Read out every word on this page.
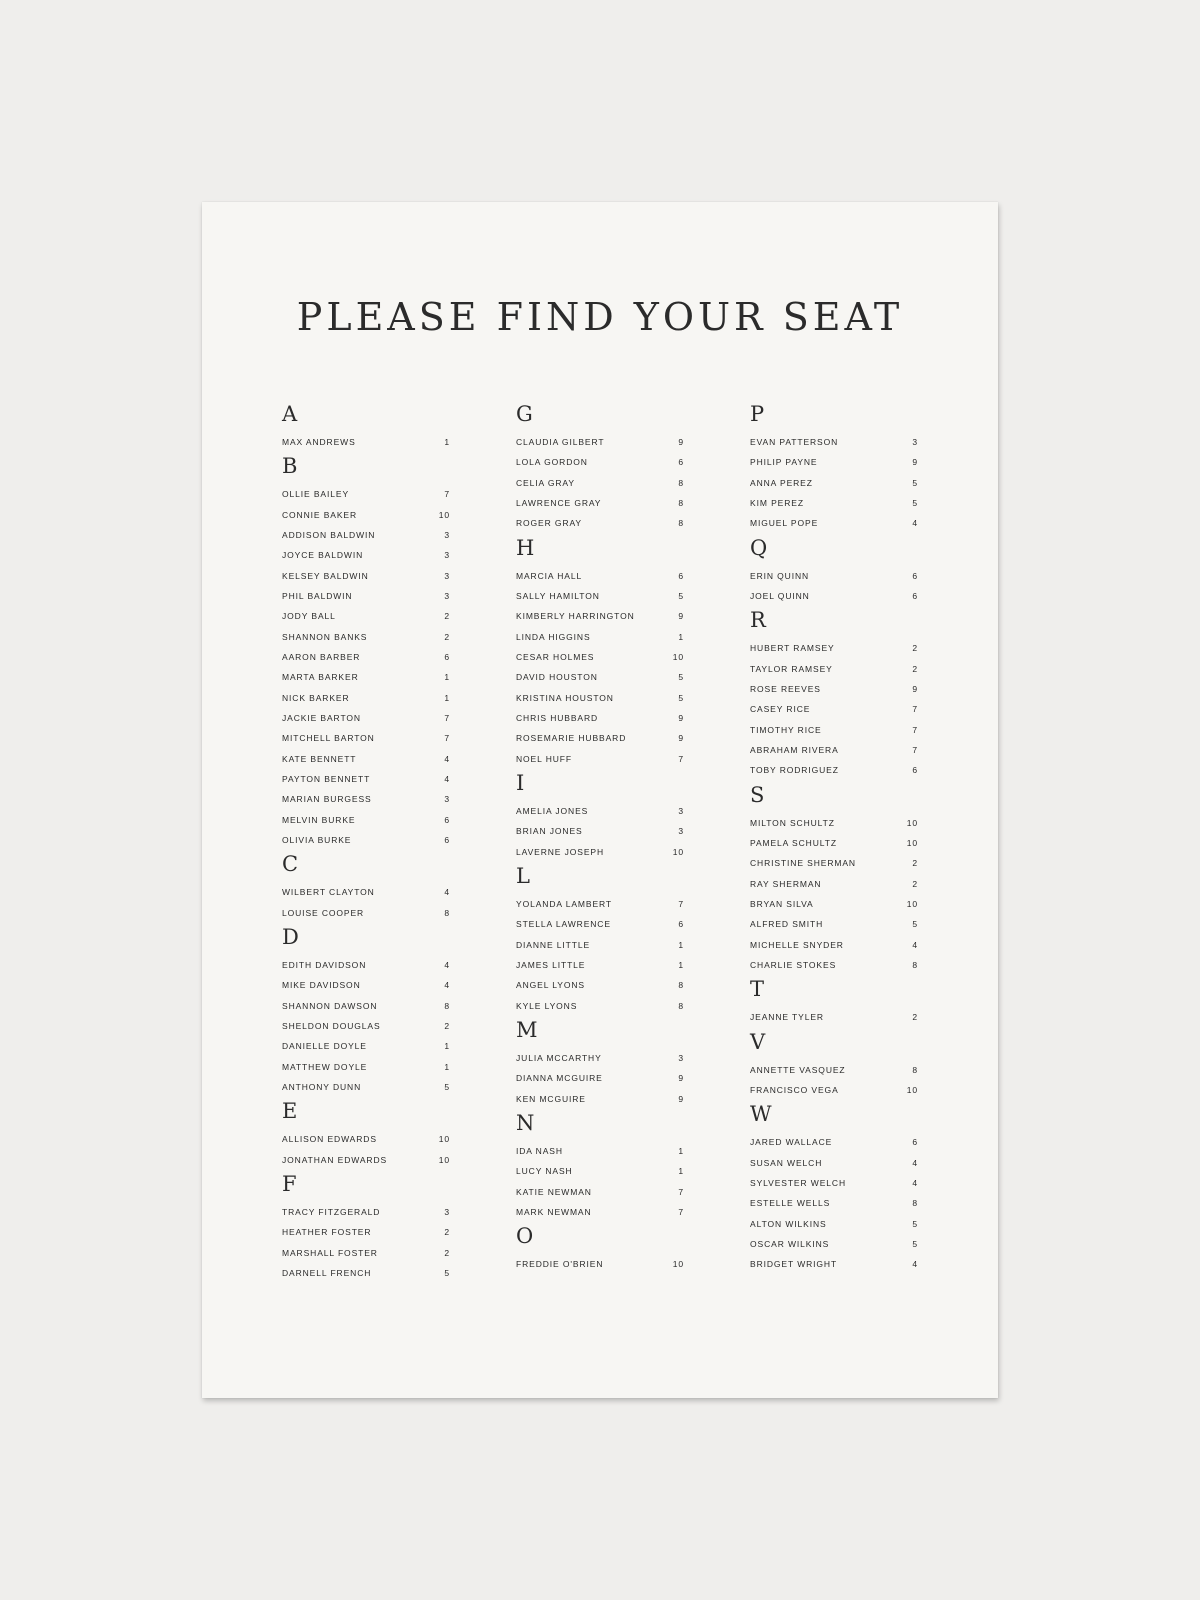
PLEASE FIND YOUR SEAT
A
MAX ANDREWS	1
B
OLLIE BAILEY	7
CONNIE BAKER	10
ADDISON BALDWIN	3
JOYCE BALDWIN	3
KELSEY BALDWIN	3
PHIL BALDWIN	3
JODY BALL	2
SHANNON BANKS	2
AARON BARBER	6
MARTA BARKER	1
NICK BARKER	1
JACKIE BARTON	7
MITCHELL BARTON	7
KATE BENNETT	4
PAYTON BENNETT	4
MARIAN BURGESS	3
MELVIN BURKE	6
OLIVIA BURKE	6
C
WILBERT CLAYTON	4
LOUISE COOPER	8
D
EDITH DAVIDSON	4
MIKE DAVIDSON	4
SHANNON DAWSON	8
SHELDON DOUGLAS	2
DANIELLE DOYLE	1
MATTHEW DOYLE	1
ANTHONY DUNN	5
E
ALLISON EDWARDS	10
JONATHAN EDWARDS	10
F
TRACY FITZGERALD	3
HEATHER FOSTER	2
MARSHALL FOSTER	2
DARNELL FRENCH	5
G
CLAUDIA GILBERT	9
LOLA GORDON	6
CELIA GRAY	8
LAWRENCE GRAY	8
ROGER GRAY	8
H
MARCIA HALL	6
SALLY HAMILTON	5
KIMBERLY HARRINGTON	9
LINDA HIGGINS	1
CESAR HOLMES	10
DAVID HOUSTON	5
KRISTINA HOUSTON	5
CHRIS HUBBARD	9
ROSEMARIE HUBBARD	9
NOEL HUFF	7
I
AMELIA JONES	3
BRIAN JONES	3
LAVERNE JOSEPH	10
L
YOLANDA LAMBERT	7
STELLA LAWRENCE	6
DIANNE LITTLE	1
JAMES LITTLE	1
ANGEL LYONS	8
KYLE LYONS	8
M
JULIA MCCARTHY	3
DIANNA MCGUIRE	9
KEN MCGUIRE	9
N
IDA NASH	1
LUCY NASH	1
KATIE NEWMAN	7
MARK NEWMAN	7
O
FREDDIE O'BRIEN	10
P
EVAN PATTERSON	3
PHILIP PAYNE	9
ANNA PEREZ	5
KIM PEREZ	5
MIGUEL POPE	4
Q
ERIN QUINN	6
JOEL QUINN	6
R
HUBERT RAMSEY	2
TAYLOR RAMSEY	2
ROSE REEVES	9
CASEY RICE	7
TIMOTHY RICE	7
ABRAHAM RIVERA	7
TOBY RODRIGUEZ	6
S
MILTON SCHULTZ	10
PAMELA SCHULTZ	10
CHRISTINE SHERMAN	2
RAY SHERMAN	2
BRYAN SILVA	10
ALFRED SMITH	5
MICHELLE SNYDER	4
CHARLIE STOKES	8
T
JEANNE TYLER	2
V
ANNETTE VASQUEZ	8
FRANCISCO VEGA	10
W
JARED WALLACE	6
SUSAN WELCH	4
SYLVESTER WELCH	4
ESTELLE WELLS	8
ALTON WILKINS	5
OSCAR WILKINS	5
BRIDGET WRIGHT	4
